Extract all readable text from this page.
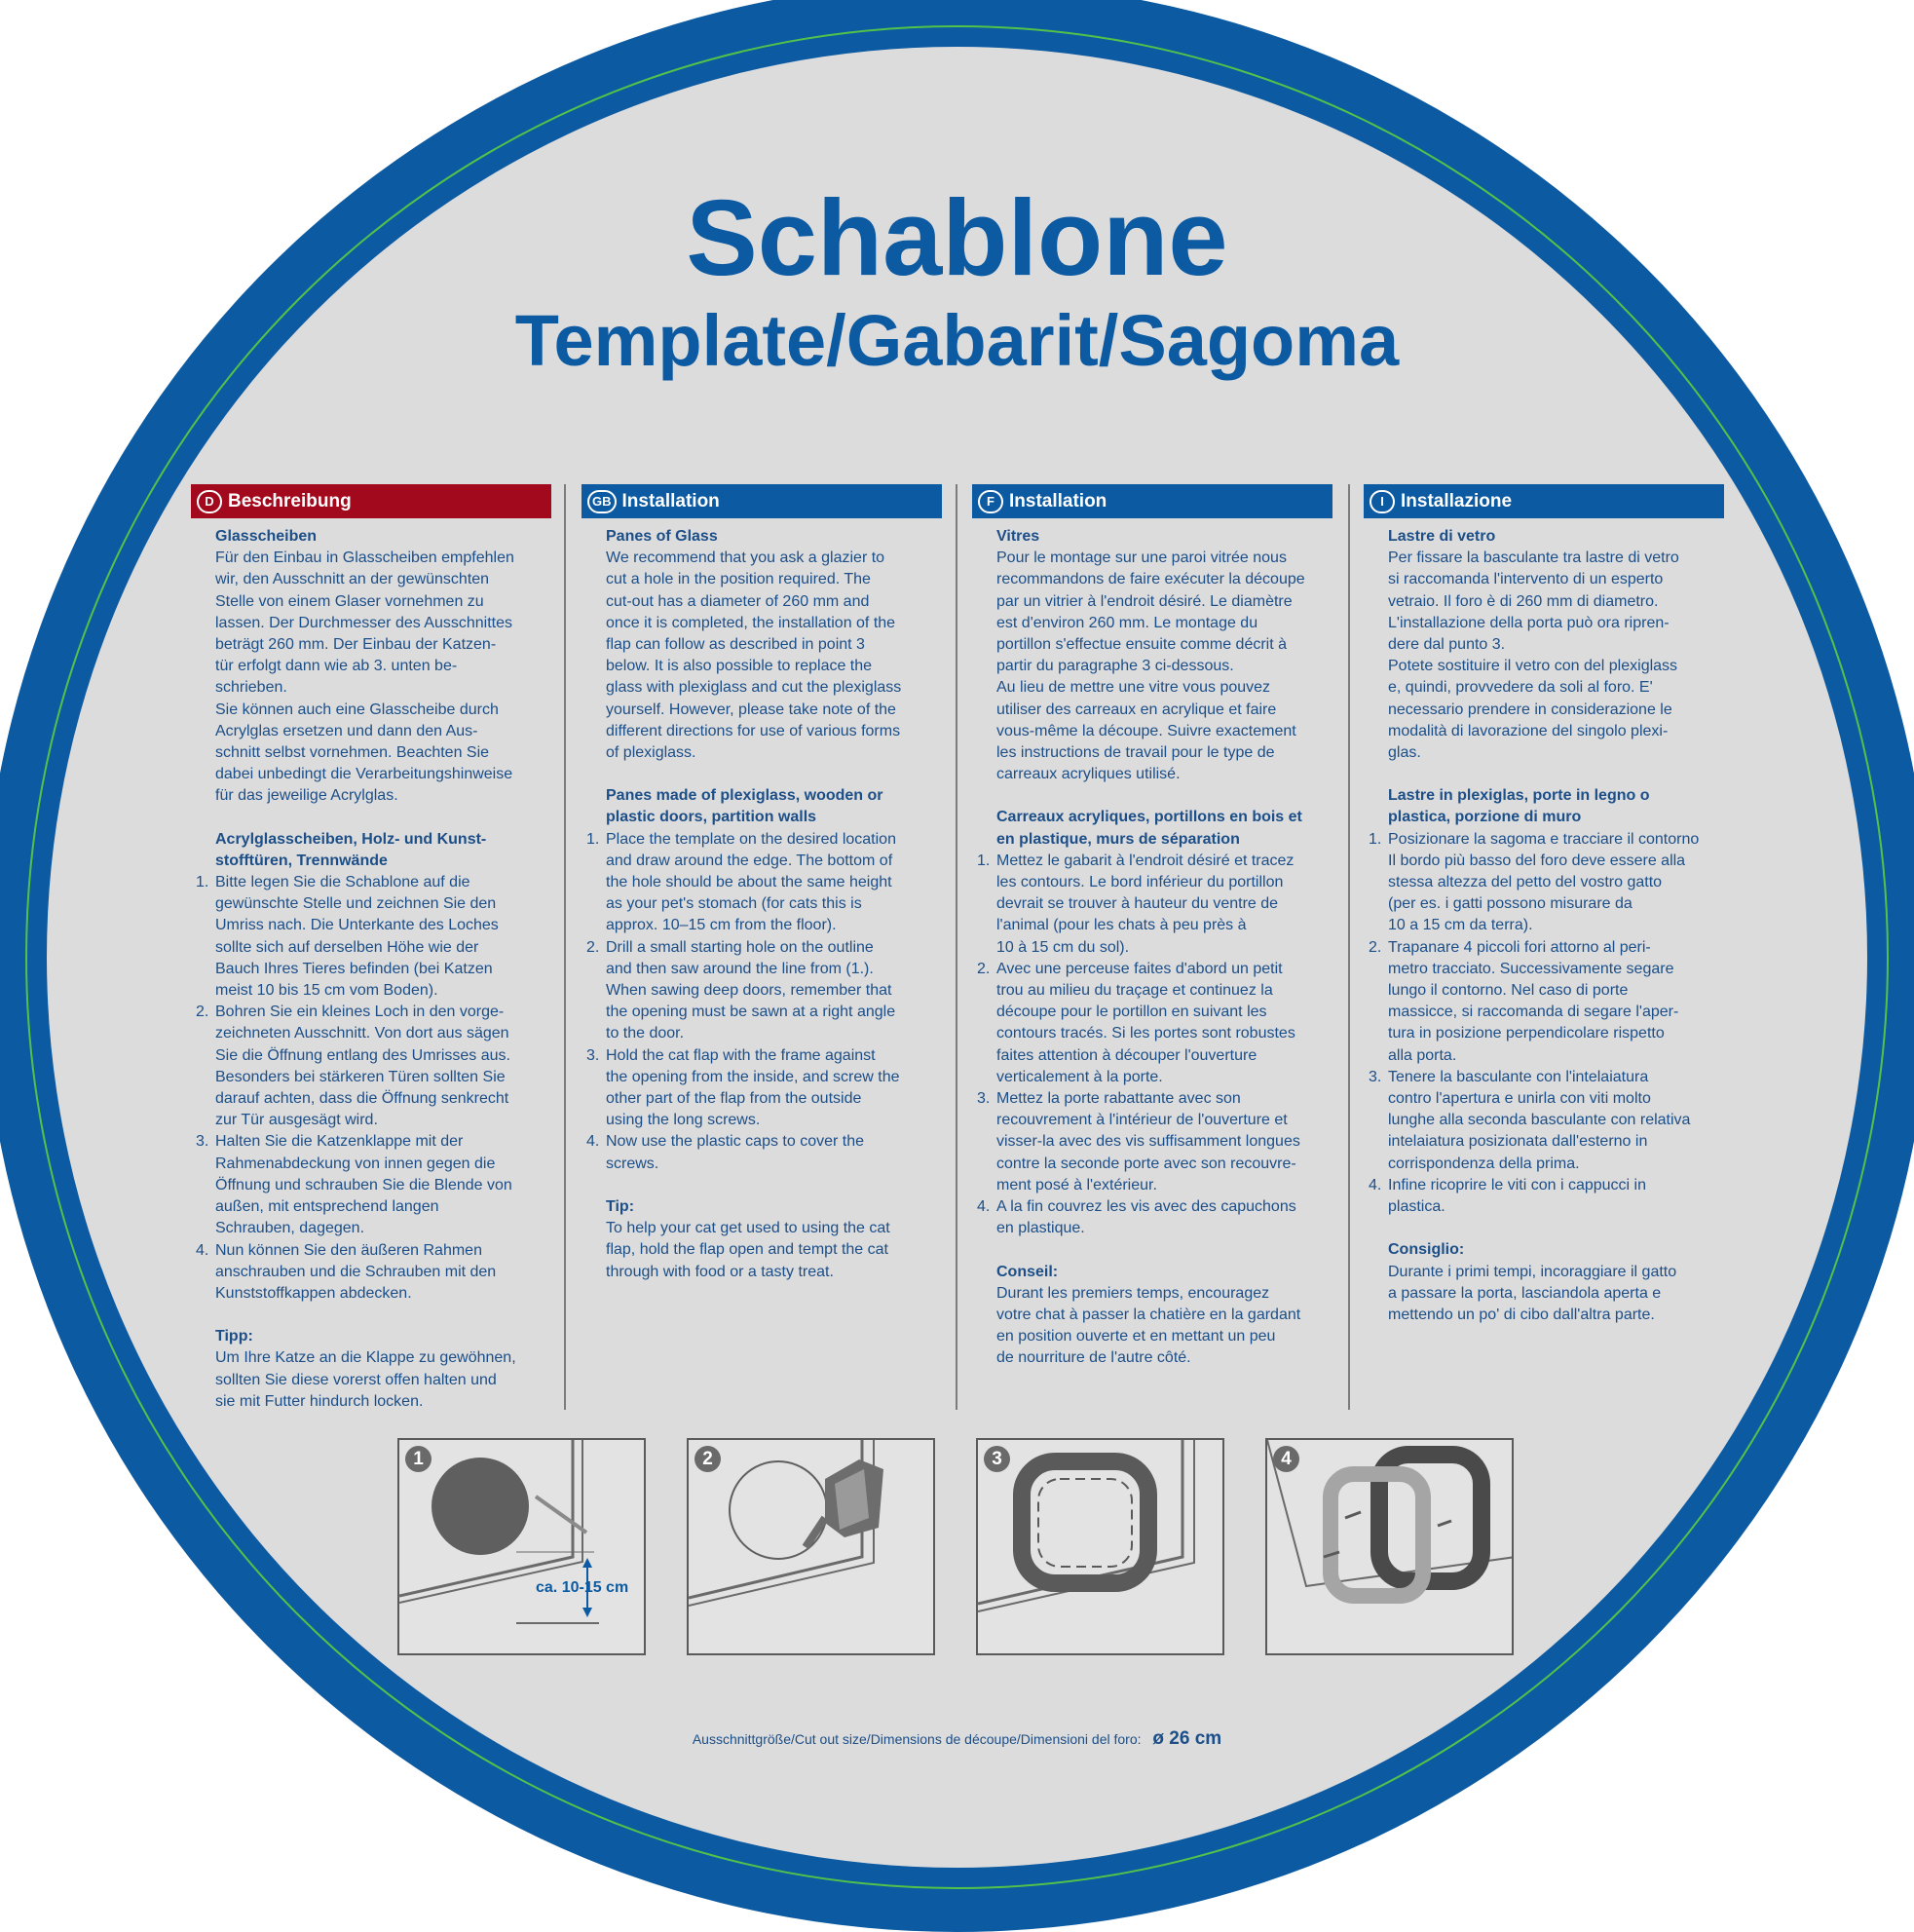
Schablone
Template/Gabarit/Sagoma
D Beschreibung

Glasscheiben

Für den Einbau in Glasscheiben empfehlen

wir, den Ausschnitt an der gewünschten

Stelle von einem Glaser vornehmen zu

lassen. Der Durchmesser des Ausschnittes

beträgt 260 mm. Der Einbau der Katzen-

tür erfolgt dann wie ab 3. unten be-

schrieben.

Sie können auch eine Glasscheibe durch

Acrylglas ersetzen und dann den Aus-

schnitt selbst vornehmen. Beachten Sie

dabei unbedingt die Verarbeitungshinweise

für das jeweilige Acrylglas.

Acrylglasscheiben, Holz- und Kunst-

stofftüren, Trennwände

1. Bitte legen Sie die Schablone auf die

gewünschte Stelle und zeichnen Sie den

Umriss nach. Die Unterkante des Loches

sollte sich auf derselben Höhe wie der

Bauch Ihres Tieres befinden (bei Katzen

meist 10 bis 15 cm vom Boden).

2. Bohren Sie ein kleines Loch in den vorge-

zeichneten Ausschnitt. Von dort aus sägen

Sie die Öffnung entlang des Umrisses aus.

Besonders bei stärkeren Türen sollten Sie

darauf achten, dass die Öffnung senkrecht

zur Tür ausgesägt wird.

3. Halten Sie die Katzenklappe mit der

Rahmenabdeckung von innen gegen die

Öffnung und schrauben Sie die Blende von

außen, mit entsprechend langen

Schrauben, dagegen.

4. Nun können Sie den äußeren Rahmen

anschrauben und die Schrauben mit den

Kunststoffkappen abdecken.

Tipp:

Um Ihre Katze an die Klappe zu gewöhnen,

sollten Sie diese vorerst offen halten und

sie mit Futter hindurch locken.

GB Installation

Panes of Glass

We recommend that you ask a glazier to

cut a hole in the position required. The

cut-out has a diameter of 260 mm and

once it is completed, the installation of the

flap can follow as described in point 3

below. It is also possible to replace the

glass with plexiglass and cut the plexiglass

yourself. However, please take note of the

different directions for use of various forms

of plexiglass.

Panes made of plexiglass, wooden or

plastic doors, partition walls

1. Place the template on the desired location

and draw around the edge. The bottom of

the hole should be about the same height

as your pet's stomach (for cats this is

approx. 10–15 cm from the floor).

2. Drill a small starting hole on the outline

and then saw around the line from (1.).

When sawing deep doors, remember that

the opening must be sawn at a right angle

to the door.

3. Hold the cat flap with the frame against

the opening from the inside, and screw the

other part of the flap from the outside

using the long screws.

4. Now use the plastic caps to cover the

screws.

Tip:

To help your cat get used to using the cat

flap, hold the flap open and tempt the cat

through with food or a tasty treat.

F Installation

Vitres

Pour le montage sur une paroi vitrée nous

recommandons de faire exécuter la découpe

par un vitrier à l'endroit désiré. Le diamètre

est d'environ 260 mm. Le montage du

portillon s'effectue ensuite comme décrit à

partir du paragraphe 3 ci-dessous.

Au lieu de mettre une vitre vous pouvez

utiliser des carreaux en acrylique et faire

vous-même la découpe. Suivre exactement

les instructions de travail pour le type de

carreaux acryliques utilisé.

Carreaux acryliques, portillons en bois et

en plastique, murs de séparation

1. Mettez le gabarit à l'endroit désiré et tracez

les contours. Le bord inférieur du portillon

devrait se trouver à hauteur du ventre de

l'animal (pour les chats à peu près à

10 à 15 cm du sol).

2. Avec une perceuse faites d'abord un petit

trou au milieu du traçage et continuez la

découpe pour le portillon en suivant les

contours tracés. Si les portes sont robustes

faites attention à découper l'ouverture

verticalement à la porte.

3. Mettez la porte rabattante avec son

recouvrement à l'intérieur de l'ouverture et

visser-la avec des vis suffisamment longues

contre la seconde porte avec son recouvre-

ment posé à l'extérieur.

4. A la fin couvrez les vis avec des capuchons

en plastique.

Conseil:

Durant les premiers temps, encouragez

votre chat à passer la chatière en la gardant

en position ouverte et en mettant un peu

de nourriture de l'autre côté.

I Installazione

Lastre di vetro

Per fissare la basculante tra lastre di vetro

si raccomanda l'intervento di un esperto

vetraio. Il foro è di 260 mm di diametro.

L'installazione della porta può ora ripren-

dere dal punto 3.

Potete sostituire il vetro con del plexiglass

e, quindi, provvedere da soli al foro. E'

necessario prendere in considerazione le

modalità di lavorazione del singolo plexi-

glas.

Lastre in plexiglas, porte in legno o

plastica, porzione di muro

1. Posizionare la sagoma e tracciare il contorno

Il bordo più basso del foro deve essere alla

stessa altezza del petto del vostro gatto

(per es. i gatti possono misurare da

10 a 15 cm da terra).

2. Trapanare 4 piccoli fori attorno al peri-

metro tracciato. Successivamente segare

lungo il contorno. Nel caso di porte

massicce, si raccomanda di segare l'aper-

tura in posizione perpendicolare rispetto

alla porta.

3. Tenere la basculante con l'intelaiatura

contro l'apertura e unirla con viti molto

lunghe alla seconda basculante con relativa

intelaiatura posizionata dall'esterno in

corrispondenza della prima.

4. Infine ricoprire le viti con i cappucci in

plastica.

Consiglio:

Durante i primi tempi, incoraggiare il gatto

a passare la porta, lasciandola aperta e

mettendo un po' di cibo dall'altra parte.

1
ca. 10-15 cm
2	3	4
Ausschnittgröße/Cut out size/Dimensions de découpe/Dimensioni del foro: ø 26 cm
